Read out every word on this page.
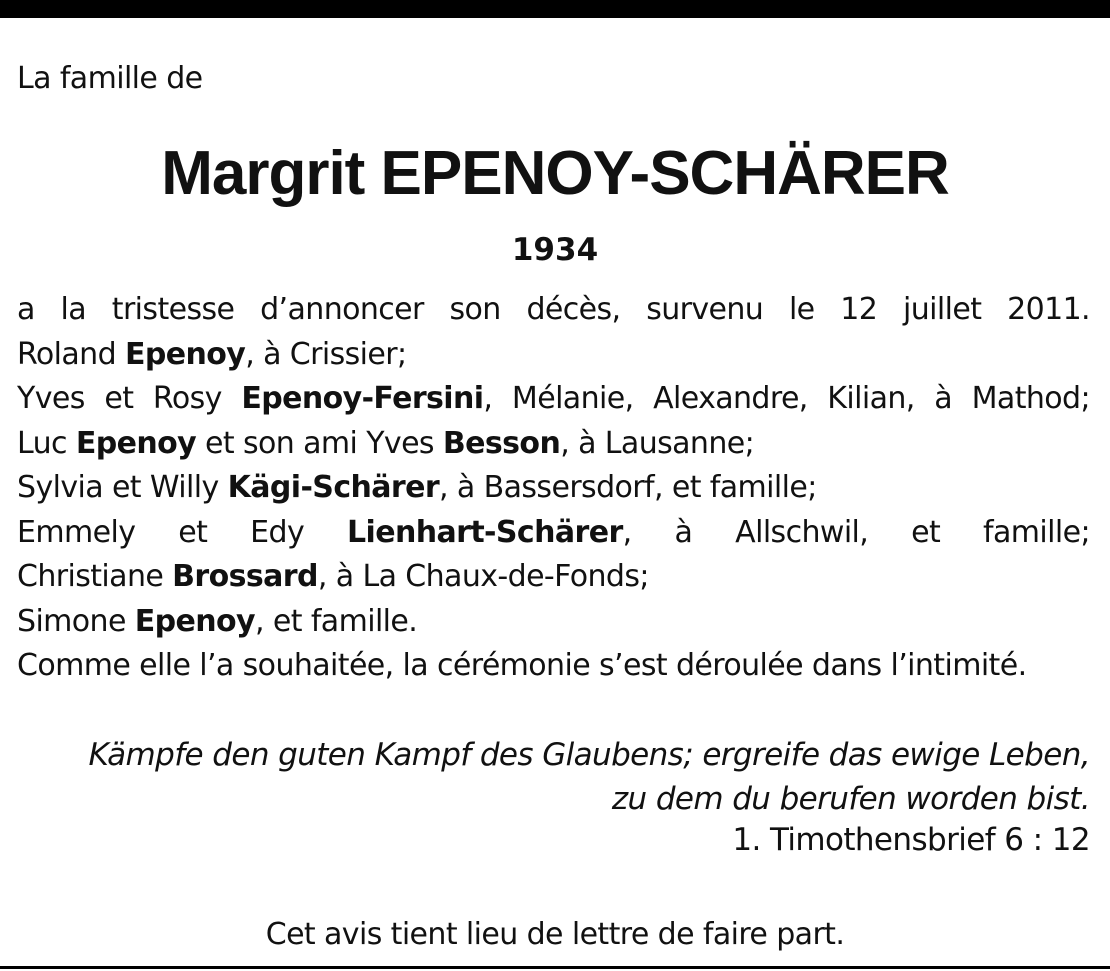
La famille de
Margrit EPENOY-SCHÄRER
1934
a la tristesse d’annoncer son décès, survenu le 12 juillet 2011.
Roland Epenoy, à Crissier;
Yves et Rosy Epenoy-Fersini, Mélanie, Alexandre, Kilian, à Mathod;
Luc Epenoy et son ami Yves Besson, à Lausanne;
Sylvia et Willy Kägi-Schärer, à Bassersdorf, et famille;
Emmely et Edy Lienhart-Schärer, à Allschwil, et famille;
Christiane Brossard, à La Chaux-de-Fonds;
Simone Epenoy, et famille.
Comme elle l’a souhaitée, la cérémonie s’est déroulée dans l’intimité.
Kämpfe den guten Kampf des Glaubens; ergreife das ewige Leben,
zu dem du berufen worden bist.
1. Timothensbrief 6 : 12
Cet avis tient lieu de lettre de faire part.
